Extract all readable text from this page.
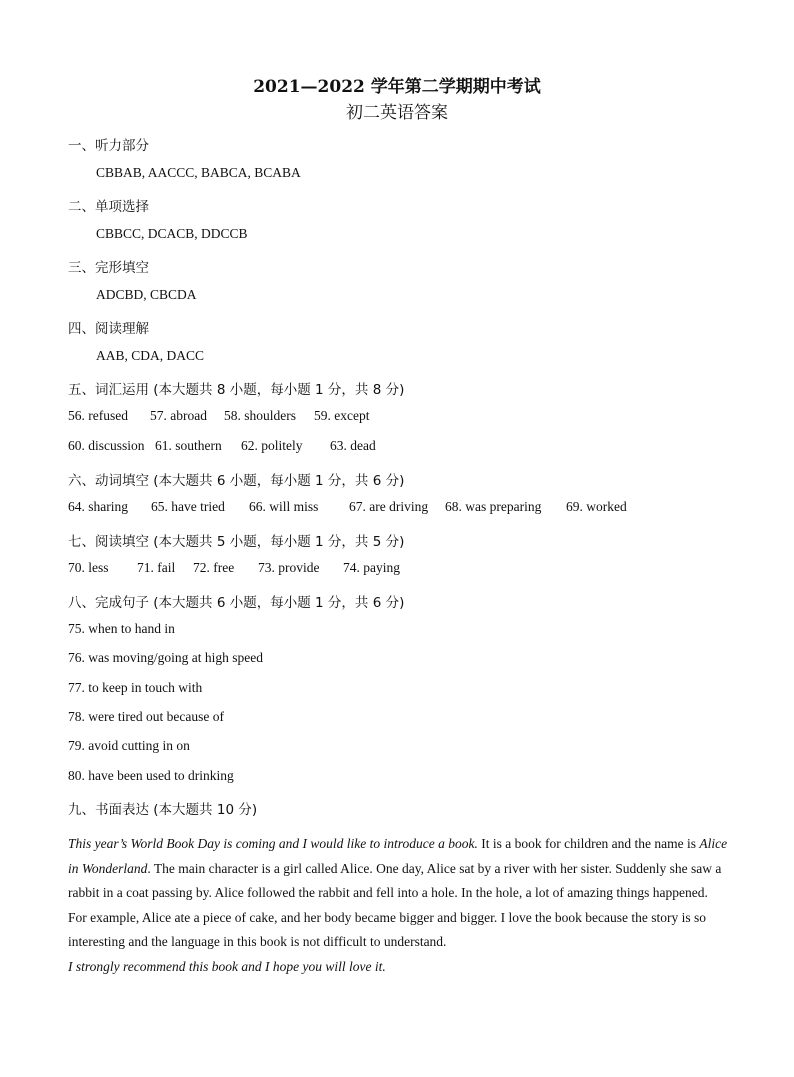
2021—2022 学年第二学期期中考试
初二英语答案
一、听力部分
CBBAB, AACCC, BABCA, BCABA
二、单项选择
CBBCC, DCACB, DDCCB
三、完形填空
ADCBD, CBCDA
四、阅读理解
AAB, CDA, DACC
五、词汇运用 (本大题共 8 小题，每小题 1 分，共 8 分)
56. refused 57. abroad 58. shoulders 59. except
60. discussion 61. southern 62. politely 63. dead
六、动词填空 (本大题共 6 小题，每小题 1 分，共 6 分)
64. sharing 65. have tried 66. will miss 67. are driving 68. was preparing 69. worked
七、阅读填空 (本大题共 5 小题，每小题 1 分，共 5 分)
70. less 71. fail 72. free 73. provide 74. paying
八、完成句子 (本大题共 6 小题，每小题 1 分，共 6 分)
75. when to hand in
76. was moving/going at high speed
77. to keep in touch with
78. were tired out because of
79. avoid cutting in on
80. have been used to drinking
九、书面表达 (本大题共 10 分)

This year’s World Book Day is coming and I would like to introduce a book. It is a book for children and the name is Alice in Wonderland. The main character is a girl called Alice. One day, Alice sat by a river with her sister. Suddenly she saw a rabbit in a coat passing by. Alice followed the rabbit and fell into a hole. In the hole, a lot of amazing things happened. For example, Alice ate a piece of cake, and her body became bigger and bigger. I love the book because the story is so interesting and the language in this book is not difficult to understand.

I strongly recommend this book and I hope you will love it.
